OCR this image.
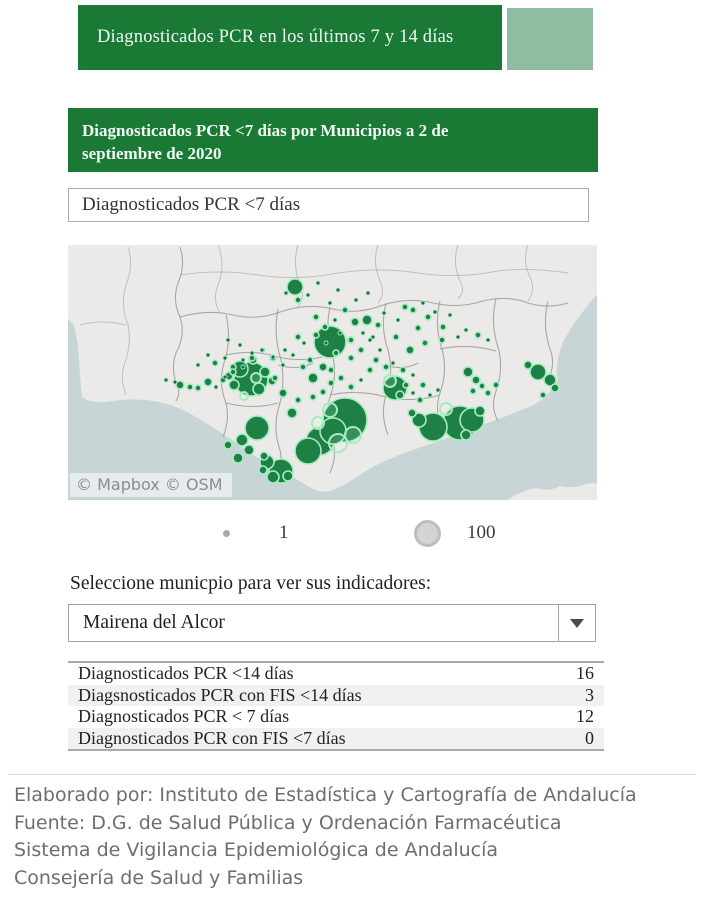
Diagnosticados PCR en los últimos 7 y 14 días
Diagnosticados PCR <7 días por Municipios a 2 de
septiembre de 2020
Diagnosticados PCR <7 días
© Mapbox © OSM
1	100
Seleccione municpio para ver sus indicadores:
Mairena del Alcor
Diagnosticados PCR <14 días	16
Diagsnosticados PCR con FIS <14 días	3
Diagnosticados PCR < 7 días	12
Diagnosticados PCR con FIS <7 días	0
Elaborado por: Instituto de Estadística y Cartografía de Andalucía
Fuente: D.G. de Salud Pública y Ordenación Farmacéutica
Sistema de Vigilancia Epidemiológica de Andalucía
Consejería de Salud y Familias
